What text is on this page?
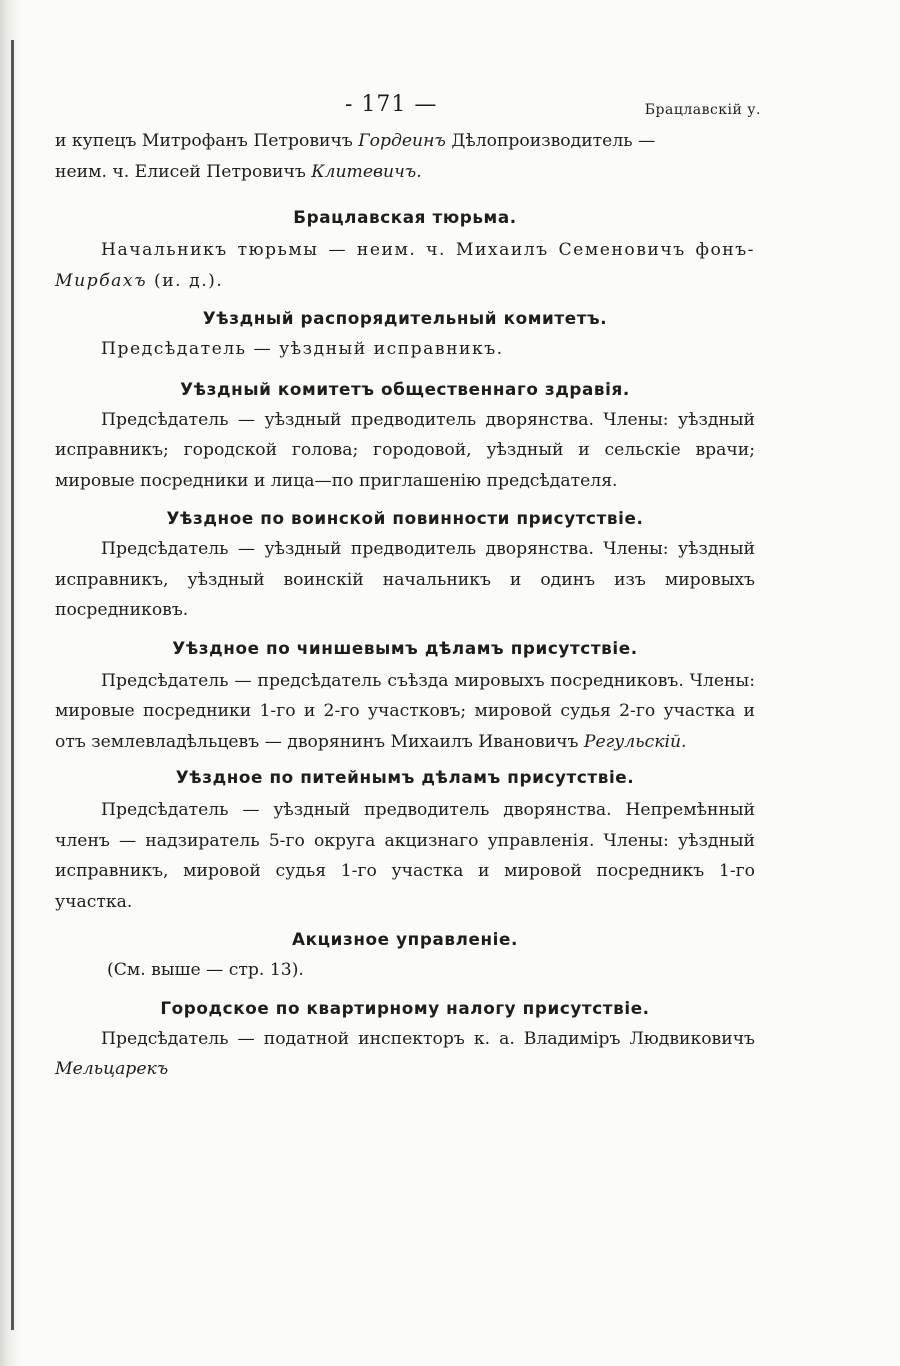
- 171 —	Брацлавскій у.

и купецъ Митрофанъ Петровичъ Гордеинъ Дѣлопроизводитель —
неим. ч. Елисей Петровичъ Клитевичъ.

Брацлавская тюрьма.

Начальникъ тюрьмы — неим. ч. Михаилъ Семеновичъ фонъ-Мирбахъ (и. д.).

Уѣздный распорядительный комитетъ.

Предсѣдатель — уѣздный исправникъ.

Уѣздный комитетъ общественнаго здравія.

Предсѣдатель — уѣздный предводитель дворянства. Члены: уѣздный исправникъ; городской голова; городовой, уѣздный и сельскіе врачи; мировые посредники и лица—по приглашенію предсѣдателя.

Уѣздное по воинской повинности присутствіе.

Предсѣдатель — уѣздный предводитель дворянства. Члены: уѣздный исправникъ, уѣздный воинскій начальникъ и одинъ изъ мировыхъ посредниковъ.

Уѣздное по чиншевымъ дѣламъ присутствіе.

Предсѣдатель — предсѣдатель съѣзда мировыхъ посредниковъ. Члены: мировые посредники 1-го и 2-го участковъ; мировой судья 2-го участка и отъ землевладѣльцевъ — дворянинъ Михаилъ Ивановичъ Регульскій.

Уѣздное по питейнымъ дѣламъ присутствіе.

Предсѣдатель — уѣздный предводитель дворянства. Непремѣнный членъ — надзиратель 5-го округа акцизнаго управленія. Члены: уѣздный исправникъ, мировой судья 1-го участка и мировой посредникъ 1-го участка.

Акцизное управленіе.

(См. выше — стр. 13).

Городское по квартирному налогу присутствіе.

Предсѣдатель — податной инспекторъ к. а. Владиміръ Людвиковичъ Мельцарекъ
